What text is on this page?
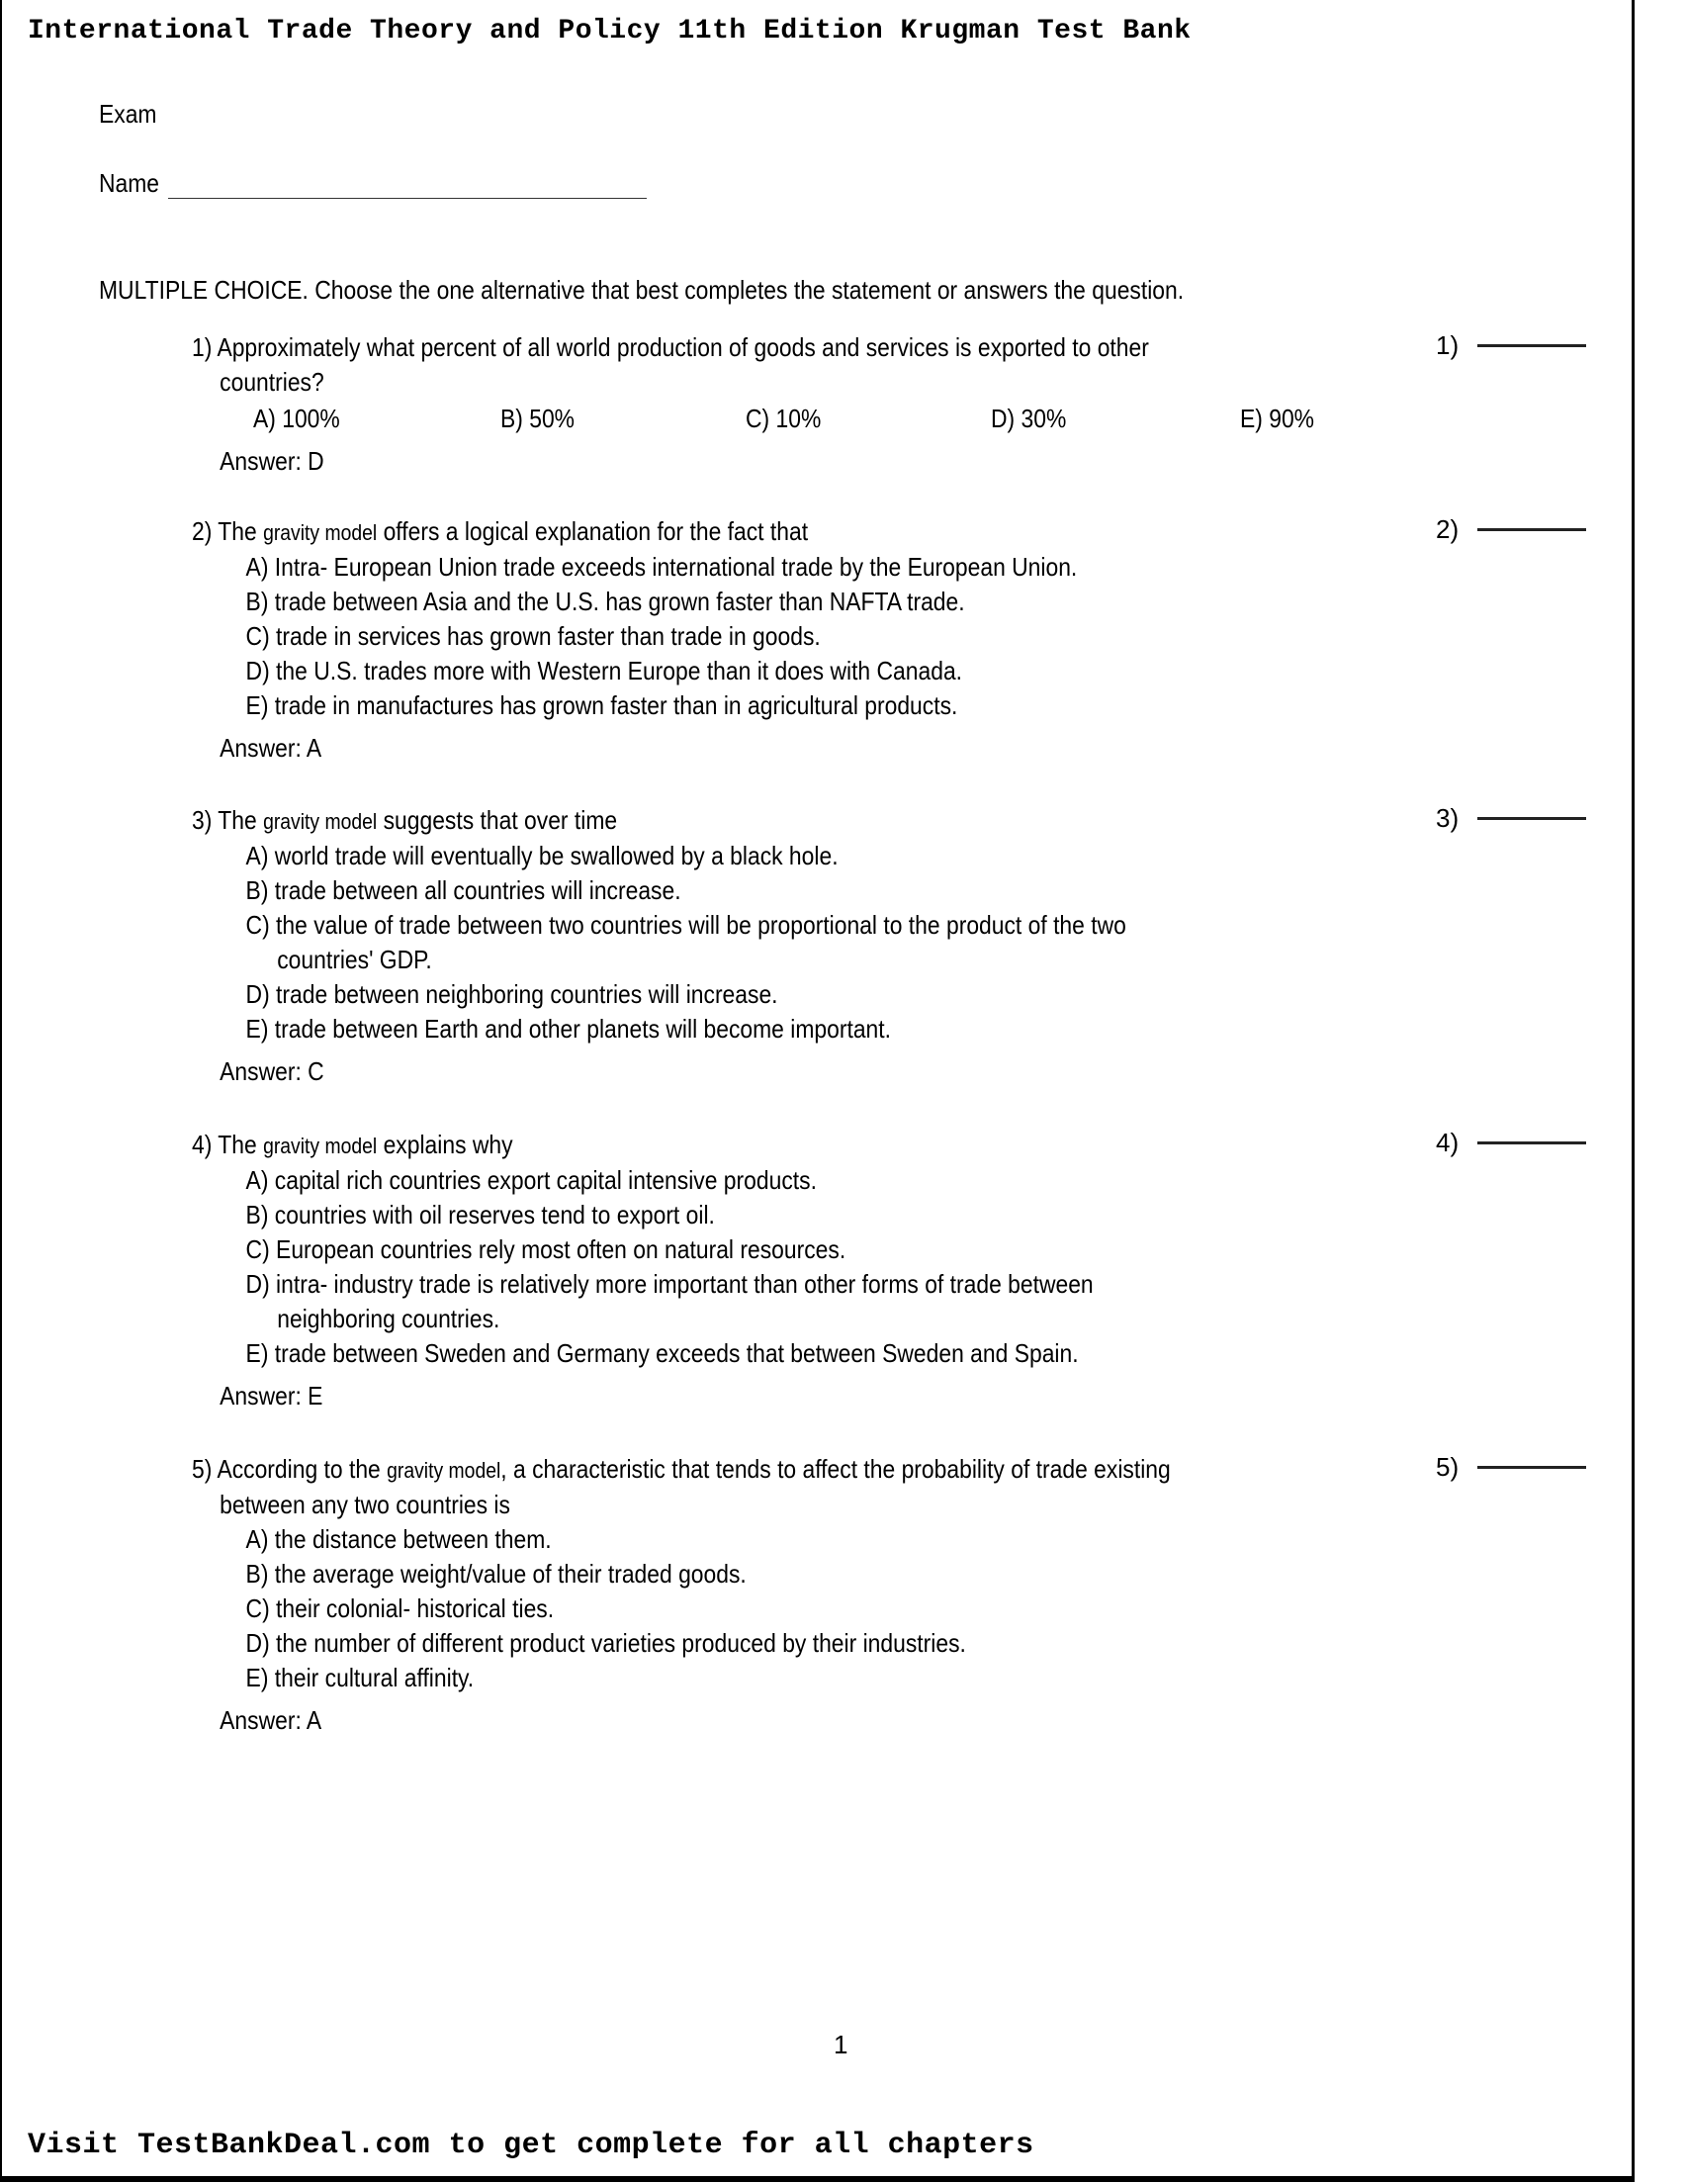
International Trade Theory and Policy 11th Edition Krugman Test Bank
Exam
Name
MULTIPLE CHOICE. Choose the one alternative that best completes the statement or answers the question.
1) Approximately what percent of all world production of goods and services is exported to other
countries?
A) 100%	B) 50%	C) 10%	D) 30%	E) 90%
Answer: D
1)
2) The gravity model offers a logical explanation for the fact that
A) Intra- European Union trade exceeds international trade by the European Union.
B) trade between Asia and the U.S. has grown faster than NAFTA trade.
C) trade in services has grown faster than trade in goods.
D) the U.S. trades more with Western Europe than it does with Canada.
E) trade in manufactures has grown faster than in agricultural products.
Answer: A
2)
3) The gravity model suggests that over time
A) world trade will eventually be swallowed by a black hole.
B) trade between all countries will increase.
C) the value of trade between two countries will be proportional to the product of the two
countries' GDP.
D) trade between neighboring countries will increase.
E) trade between Earth and other planets will become important.
Answer: C
3)
4) The gravity model explains why
A) capital rich countries export capital intensive products.
B) countries with oil reserves tend to export oil.
C) European countries rely most often on natural resources.
D) intra- industry trade is relatively more important than other forms of trade between
neighboring countries.
E) trade between Sweden and Germany exceeds that between Sweden and Spain.
Answer: E
4)
5) According to the gravity model, a characteristic that tends to affect the probability of trade existing
between any two countries is
A) the distance between them.
B) the average weight/value of their traded goods.
C) their colonial- historical ties.
D) the number of different product varieties produced by their industries.
E) their cultural affinity.
Answer: A
5)
1
Visit TestBankDeal.com to get complete for all chapters
